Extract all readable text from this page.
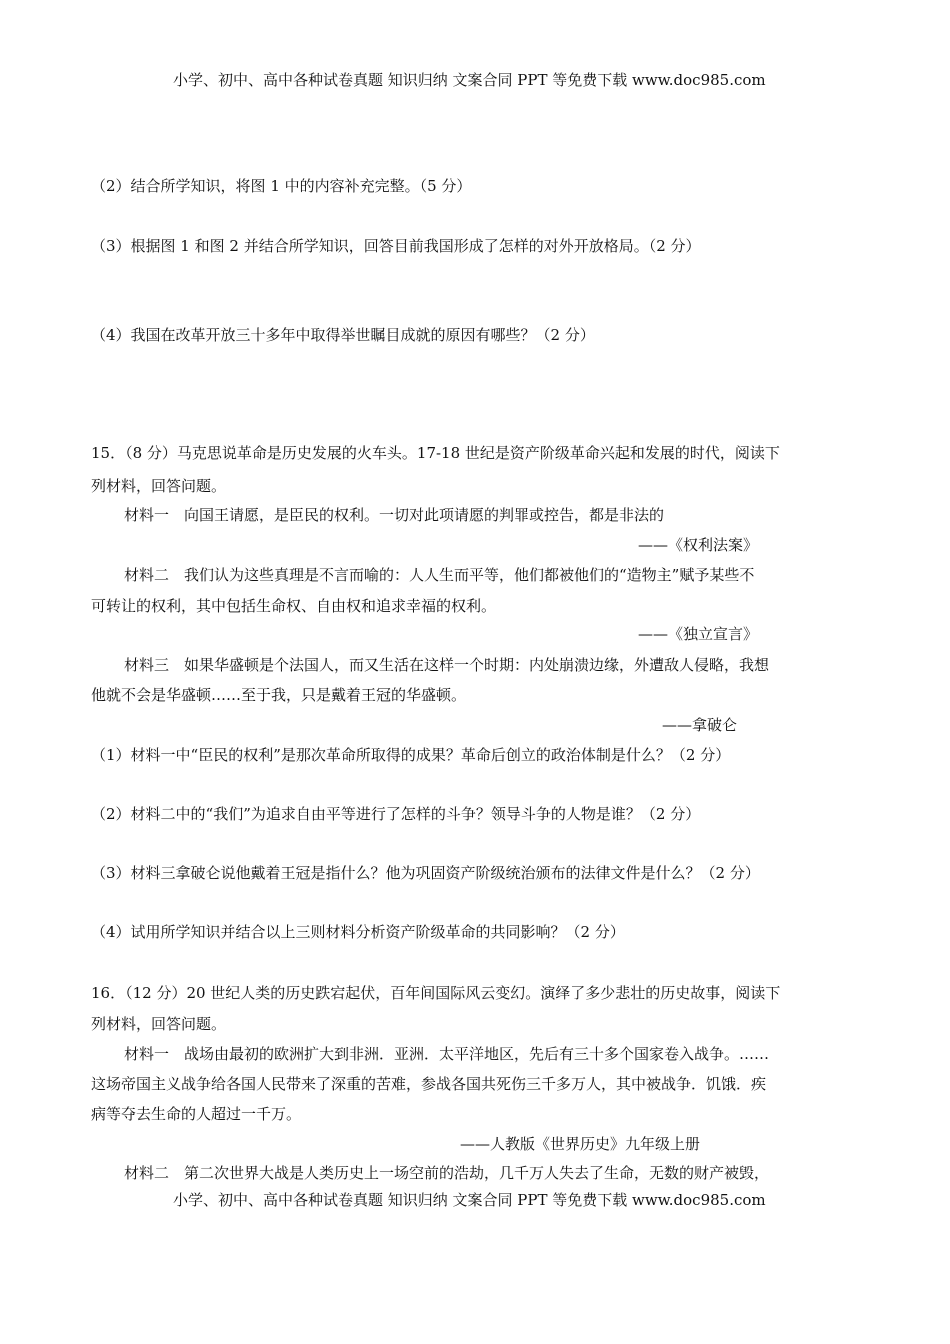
小学、初中、高中各种试卷真题 知识归纳 文案合同 PPT 等免费下载 www.doc985.com
（2）结合所学知识，将图 1 中的内容补充完整。（5 分）
（3）根据图 1 和图 2 并结合所学知识，回答目前我国形成了怎样的对外开放格局。（2 分）
（4）我国在改革开放三十多年中取得举世瞩目成就的原因有哪些？（2 分）
15．（8 分）马克思说革命是历史发展的火车头。17-18 世纪是资产阶级革命兴起和发展的时代，阅读下
列材料，回答问题。
材料一　向国王请愿，是臣民的权利。一切对此项请愿的判罪或控告，都是非法的
——《权利法案》
材料二　我们认为这些真理是不言而喻的：人人生而平等，他们都被他们的“造物主”赋予某些不
可转让的权利，其中包括生命权、自由权和追求幸福的权利。
——《独立宣言》
材料三　如果华盛顿是个法国人，而又生活在这样一个时期：内处崩溃边缘，外遭敌人侵略，我想
他就不会是华盛顿……至于我，只是戴着王冠的华盛顿。
——拿破仑
（1）材料一中“臣民的权利”是那次革命所取得的成果？革命后创立的政治体制是什么？（2 分）
（2）材料二中的“我们”为追求自由平等进行了怎样的斗争？领导斗争的人物是谁？（2 分）
（3）材料三拿破仑说他戴着王冠是指什么？他为巩固资产阶级统治颁布的法律文件是什么？（2 分）
（4）试用所学知识并结合以上三则材料分析资产阶级革命的共同影响？（2 分）
16．（12 分）20 世纪人类的历史跌宕起伏，百年间国际风云变幻。演绎了多少悲壮的历史故事，阅读下
列材料，回答问题。
材料一　战场由最初的欧洲扩大到非洲．亚洲．太平洋地区，先后有三十多个国家卷入战争。……
这场帝国主义战争给各国人民带来了深重的苦难，参战各国共死伤三千多万人，其中被战争．饥饿．疾
病等夺去生命的人超过一千万。
——人教版《世界历史》九年级上册
材料二　第二次世界大战是人类历史上一场空前的浩劫，几千万人失去了生命，无数的财产被毁，
小学、初中、高中各种试卷真题 知识归纳 文案合同 PPT 等免费下载 www.doc985.com
